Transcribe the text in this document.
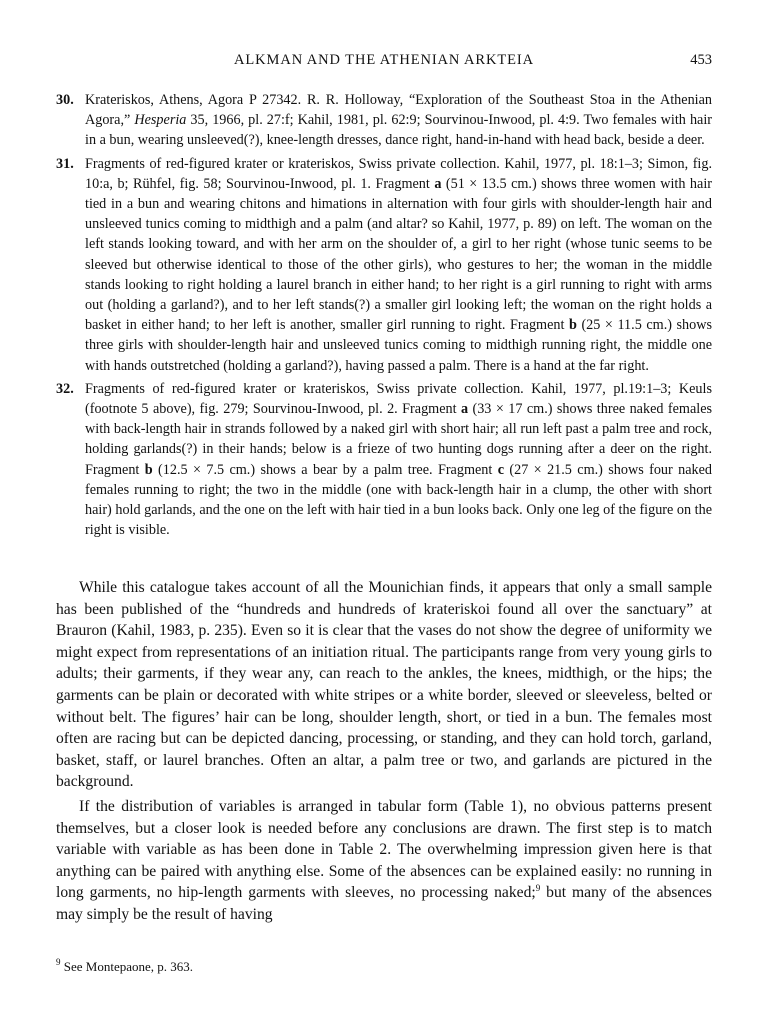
ALKMAN AND THE ATHENIAN ARKTEIA	453
30. Krateriskos, Athens, Agora P 27342. R. R. Holloway, “Exploration of the Southeast Stoa in the Athenian Agora,” Hesperia 35, 1966, pl. 27:f; Kahil, 1981, pl. 62:9; Sourvinou-Inwood, pl. 4:9. Two females with hair in a bun, wearing unsleeved(?), knee-length dresses, dance right, hand-in-hand with head back, beside a deer.
31. Fragments of red-figured krater or krateriskos, Swiss private collection. Kahil, 1977, pl. 18:1–3; Simon, fig. 10:a, b; Rühfel, fig. 58; Sourvinou-Inwood, pl. 1. Fragment a (51 × 13.5 cm.) shows three women with hair tied in a bun and wearing chitons and himations in alternation with four girls with shoulder-length hair and unsleeved tunics coming to midthigh and a palm (and altar? so Kahil, 1977, p. 89) on left. The woman on the left stands looking toward, and with her arm on the shoulder of, a girl to her right (whose tunic seems to be sleeved but otherwise identical to those of the other girls), who gestures to her; the woman in the middle stands looking to right holding a laurel branch in either hand; to her right is a girl running to right with arms out (holding a garland?), and to her left stands(?) a smaller girl looking left; the woman on the right holds a basket in either hand; to her left is another, smaller girl running to right. Fragment b (25 × 11.5 cm.) shows three girls with shoulder-length hair and unsleeved tunics coming to midthigh running right, the middle one with hands outstretched (holding a garland?), having passed a palm. There is a hand at the far right.
32. Fragments of red-figured krater or krateriskos, Swiss private collection. Kahil, 1977, pl.19:1–3; Keuls (footnote 5 above), fig. 279; Sourvinou-Inwood, pl. 2. Fragment a (33 × 17 cm.) shows three naked females with back-length hair in strands followed by a naked girl with short hair; all run left past a palm tree and rock, holding garlands(?) in their hands; below is a frieze of two hunting dogs running after a deer on the right. Fragment b (12.5 × 7.5 cm.) shows a bear by a palm tree. Fragment c (27 × 21.5 cm.) shows four naked females running to right; the two in the middle (one with back-length hair in a clump, the other with short hair) hold garlands, and the one on the left with hair tied in a bun looks back. Only one leg of the figure on the right is visible.

While this catalogue takes account of all the Mounichian finds, it appears that only a small sample has been published of the “hundreds and hundreds of krateriskoi found all over the sanctuary” at Brauron (Kahil, 1983, p. 235). Even so it is clear that the vases do not show the degree of uniformity we might expect from representations of an initiation ritual. The participants range from very young girls to adults; their garments, if they wear any, can reach to the ankles, the knees, midthigh, or the hips; the garments can be plain or decorated with white stripes or a white border, sleeved or sleeveless, belted or without belt. The figures’ hair can be long, shoulder length, short, or tied in a bun. The females most often are racing but can be depicted dancing, processing, or standing, and they can hold torch, garland, basket, staff, or laurel branches. Often an altar, a palm tree or two, and garlands are pictured in the background.

If the distribution of variables is arranged in tabular form (Table 1), no obvious patterns present themselves, but a closer look is needed before any conclusions are drawn. The first step is to match variable with variable as has been done in Table 2. The overwhelming impression given here is that anything can be paired with anything else. Some of the absences can be explained easily: no running in long garments, no hip-length garments with sleeves, no processing naked;$^9$ but many of the absences may simply be the result of having

$^9$ See Montepaone, p. 363.
